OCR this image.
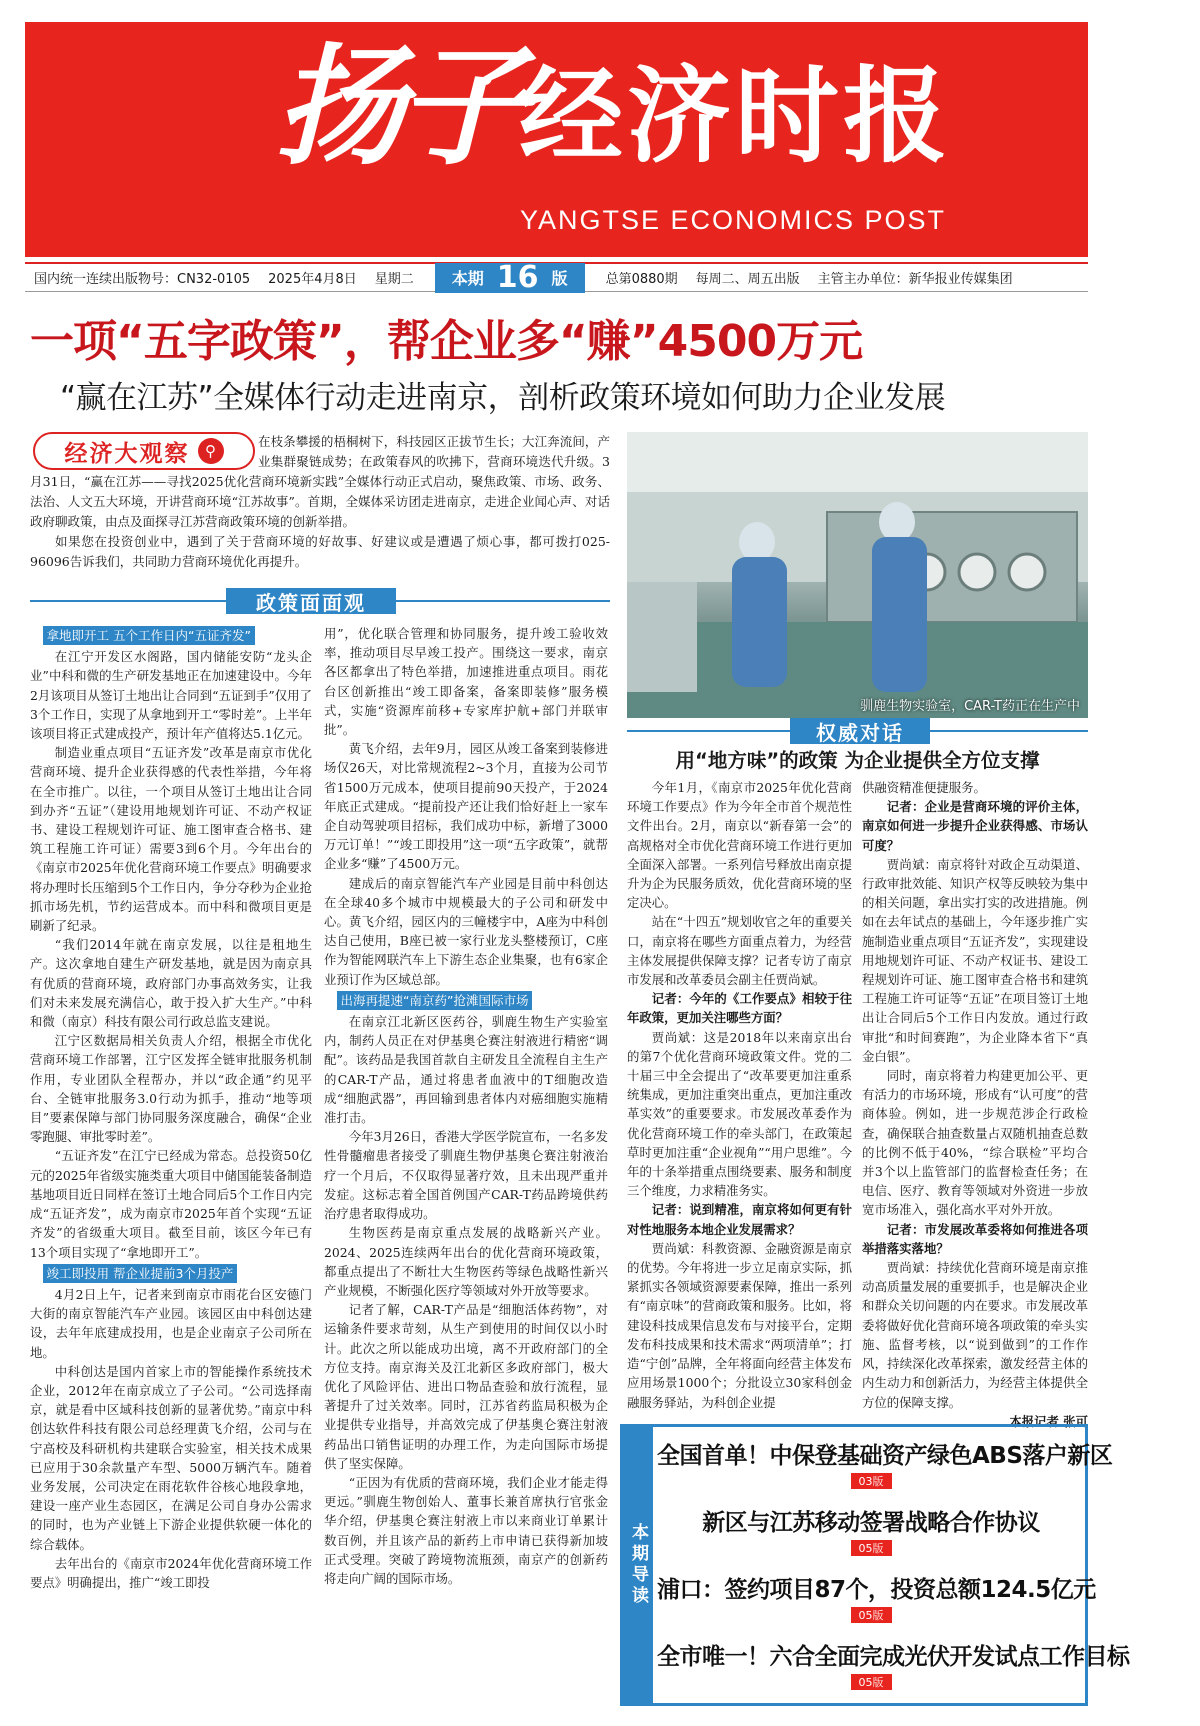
扬子经济时报
YANGTSE ECONOMICS POST
国内统一连续出版物号：CN32-0105 2025年4月8日 星期二 本期 16 版	总第0880期 每周二、周五出版 主管主办单位：新华报业传媒集团
一项“五字政策”，帮企业多“赚”4500万元
“赢在江苏”全媒体行动走进南京，剖析政策环境如何助力企业发展

在枝条攀援的梧桐树下，科技园区正拔节生长；大江奔流间，产业集群聚链成势；在政策春风的吹拂下，营商环境迭代升级。3月31日，“赢在江苏——寻找2025优化营商环境新实践”全媒体行动正式启动，聚焦政策、市场、政务、法治、人文五大环境，开讲营商环境“江苏故事”。首期，全媒体采访团走进南京，走进企业闻心声、对话政府聊政策，由点及面探寻江苏营商政策环境的创新举措。

如果您在投资创业中，遇到了关于营商环境的好故事、好建议或是遭遇了烦心事，都可拨打025-96096告诉我们，共同助力营商环境优化再提升。

经济大观察	⚲
政策面面观
拿地即开工 五个工作日内“五证齐发”

在江宁开发区水阁路，国内储能安防“龙头企业”中科和微的生产研发基地正在加速建设中。今年2月该项目从签订土地出让合同到“五证到手”仅用了3个工作日，实现了从拿地到开工“零时差”。上半年该项目将正式建成投产，预计年产值将达5.1亿元。

制造业重点项目“五证齐发”改革是南京市优化营商环境、提升企业获得感的代表性举措，今年将在全市推广。以往，一个项目从签订土地出让合同到办齐“五证”（建设用地规划许可证、不动产权证书、建设工程规划许可证、施工图审查合格书、建筑工程施工许可证）需要3到6个月。今年出台的《南京市2025年优化营商环境工作要点》明确要求将办理时长压缩到5个工作日内，争分夺秒为企业抢抓市场先机，节约运营成本。而中科和微项目更是刷新了纪录。

“我们2014年就在南京发展，以往是租地生产。这次拿地自建生产研发基地，就是因为南京具有优质的营商环境，政府部门办事高效务实，让我们对未来发展充满信心，敢于投入扩大生产。”中科和微（南京）科技有限公司行政总监支建说。

江宁区数据局相关负责人介绍，根据全市优化营商环境工作部署，江宁区发挥全链审批服务机制作用，专业团队全程帮办，并以“政企通”约见平台、全链审批服务3.0行动为抓手，推动“地等项目”要素保障与部门协同服务深度融合，确保“企业零跑腿、审批零时差”。

“五证齐发”在江宁已经成为常态。总投资50亿元的2025年省级实施类重大项目中储国能装备制造基地项目近日同样在签订土地合同后5个工作日内完成“五证齐发”，成为南京市2025年首个实现“五证齐发”的省级重大项目。截至目前，该区今年已有13个项目实现了“拿地即开工”。

竣工即投用 帮企业提前3个月投产

4月2日上午，记者来到南京市雨花台区安德门大街的南京智能汽车产业园。该园区由中科创达建设，去年年底建成投用，也是企业南京子公司所在地。

中科创达是国内首家上市的智能操作系统技术企业，2012年在南京成立了子公司。“公司选择南京，就是看中区域科技创新的显著优势。”南京中科创达软件科技有限公司总经理黄飞介绍，公司与在宁高校及科研机构共建联合实验室，相关技术成果已应用于30余款量产车型、5000万辆汽车。随着业务发展，公司决定在雨花软件谷核心地段拿地，建设一座产业生态园区，在满足公司自身办公需求的同时，也为产业链上下游企业提供软硬一体化的综合载体。

去年出台的《南京市2024年优化营商环境工作要点》明确提出，推广“竣工即投

用”，优化联合管理和协同服务，提升竣工验收效率，推动项目尽早竣工投产。围绕这一要求，南京各区都拿出了特色举措，加速推进重点项目。雨花台区创新推出“竣工即备案，备案即装修”服务模式，实施“资源库前移+专家库护航+部门并联审批”。

黄飞介绍，去年9月，园区从竣工备案到装修进场仅26天，对比常规流程2~3个月，直接为公司节省1500万元成本，使项目提前90天投产，于2024年底正式建成。“提前投产还让我们恰好赶上一家车企自动驾驶项目招标，我们成功中标，新增了3000万元订单！”“竣工即投用”这一项“五字政策”，就帮企业多“赚”了4500万元。

建成后的南京智能汽车产业园是目前中科创达在全球40多个城市中规模最大的子公司和研发中心。黄飞介绍，园区内的三幢楼宇中，A座为中科创达自己使用，B座已被一家行业龙头整楼预订，C座作为智能网联汽车上下游生态企业集聚，也有6家企业预订作为区域总部。

出海再提速“南京药”抢滩国际市场

在南京江北新区医药谷，驯鹿生物生产实验室内，制药人员正在对伊基奥仑赛注射液进行精密“调配”。该药品是我国首款自主研发且全流程自主生产的CAR-T产品，通过将患者血液中的T细胞改造成“细胞武器”，再回输到患者体内对癌细胞实施精准打击。

今年3月26日，香港大学医学院宣布，一名多发性骨髓瘤患者接受了驯鹿生物伊基奥仑赛注射液治疗一个月后，不仅取得显著疗效，且未出现严重并发症。这标志着全国首例国产CAR-T药品跨境供药治疗患者取得成功。

生物医药是南京重点发展的战略新兴产业。2024、2025连续两年出台的优化营商环境政策，都重点提出了不断壮大生物医药等绿色战略性新兴产业规模，不断强化医疗等领域对外开放等要求。

记者了解，CAR-T产品是“细胞活体药物”，对运输条件要求苛刻，从生产到使用的时间仅以小时计。此次之所以能成功出境，离不开政府部门的全方位支持。南京海关及江北新区多政府部门，极大优化了风险评估、进出口物品查验和放行流程，显著提升了过关效率。同时，江苏省药监局积极为企业提供专业指导，并高效完成了伊基奥仑赛注射液药品出口销售证明的办理工作，为走向国际市场提供了坚实保障。

“正因为有优质的营商环境，我们企业才能走得更远。”驯鹿生物创始人、董事长兼首席执行官张金华介绍，伊基奥仑赛注射液上市以来商业订单累计数百例，并且该产品的新药上市申请已获得新加坡正式受理。突破了跨境物流瓶颈，南京产的创新药将走向广阔的国际市场。

驯鹿生物实验室，CAR-T药正在生产中
权威对话
用“地方味”的政策 为企业提供全方位支撑

今年1月，《南京市2025年优化营商环境工作要点》作为今年全市首个规范性文件出台。2月，南京以“新春第一会”的高规格对全市优化营商环境工作进行更加全面深入部署。一系列信号释放出南京提升为企为民服务质效，优化营商环境的坚定决心。

站在“十四五”规划收官之年的重要关口，南京将在哪些方面重点着力，为经营主体发展提供保障支撑？记者专访了南京市发展和改革委员会副主任贾尚斌。

记者：今年的《工作要点》相较于往年政策，更加关注哪些方面？

贾尚斌：这是2018年以来南京出台的第7个优化营商环境政策文件。党的二十届三中全会提出了“改革要更加注重系统集成，更加注重突出重点，更加注重改革实效”的重要要求。市发展改革委作为优化营商环境工作的牵头部门，在政策起草时更加注重“企业视角”“用户思维”。今年的十条举措重点围绕要素、服务和制度三个维度，力求精准务实。

记者：说到精准，南京将如何更有针对性地服务本地企业发展需求？

贾尚斌：科教资源、金融资源是南京的优势。今年将进一步立足南京实际，抓紧抓实各领域资源要素保障，推出一系列有“南京味”的营商政策和服务。比如，将建设科技成果信息发布与对接平台，定期发布科技成果和技术需求“两项清单”；打造“宁创”品牌，全年将面向经营主体发布应用场景1000个；分批设立30家科创金融服务驿站，为科创企业提

供融资精准便捷服务。

记者：企业是营商环境的评价主体，南京如何进一步提升企业获得感、市场认可度？

贾尚斌：南京将针对政企互动渠道、行政审批效能、知识产权等反映较为集中的相关问题，拿出实打实的改进措施。例如在去年试点的基础上，今年逐步推广实施制造业重点项目“五证齐发”，实现建设用地规划许可证、不动产权证书、建设工程规划许可证、施工图审查合格书和建筑工程施工许可证等“五证”在项目签订土地出让合同后5个工作日内发放。通过行政审批“和时间赛跑”，为企业降本省下“真金白银”。

同时，南京将着力构建更加公平、更有活力的市场环境，形成有“认可度”的营商体验。例如，进一步规范涉企行政检查，确保联合抽查数量占双随机抽查总数的比例不低于40%，“综合联检”平均合并3个以上监管部门的监督检查任务；在电信、医疗、教育等领域对外资进一步放宽市场准入，强化高水平对外开放。

记者：市发展改革委将如何推进各项举措落实落地？

贾尚斌：持续优化营商环境是南京推动高质量发展的重要抓手，也是解决企业和群众关切问题的内在要求。市发展改革委将做好优化营商环境各项政策的牵头实施、监督考核，以“说到做到”的工作作风，持续深化改革探索，激发经营主体的内生动力和创新活力，为经营主体提供全方位的保障支撑。

本报记者 张可

本期导读
全国首单！中保登基础资产绿色ABS落户新区
03版
新区与江苏移动签署战略合作协议
05版
浦口：签约项目87个，投资总额124.5亿元
05版
全市唯一！六合全面完成光伏开发试点工作目标
05版
